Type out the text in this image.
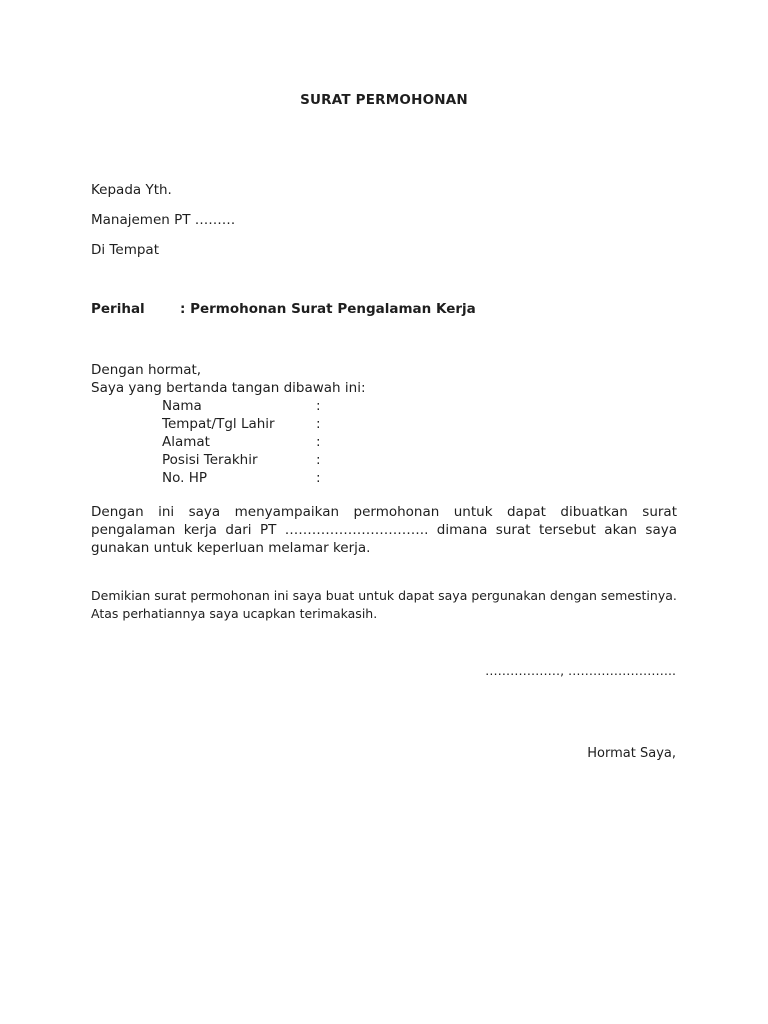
SURAT PERMOHONAN
Kepada Yth.
Manajemen PT ………
Di Tempat
Perihal	: Permohonan Surat Pengalaman Kerja
Dengan hormat,
Saya yang bertanda tangan dibawah ini:
Nama	:
Tempat/Tgl Lahir	:
Alamat	:
Posisi Terakhir	:
No. HP	:
Dengan ini saya menyampaikan permohonan untuk dapat dibuatkan surat pengalaman kerja dari PT ………………………….. dimana surat tersebut akan saya gunakan untuk keperluan melamar kerja.
Demikian surat permohonan ini saya buat untuk dapat saya pergunakan dengan semestinya.
Atas perhatiannya saya ucapkan terimakasih.
………………, ……………………..
Hormat Saya,
